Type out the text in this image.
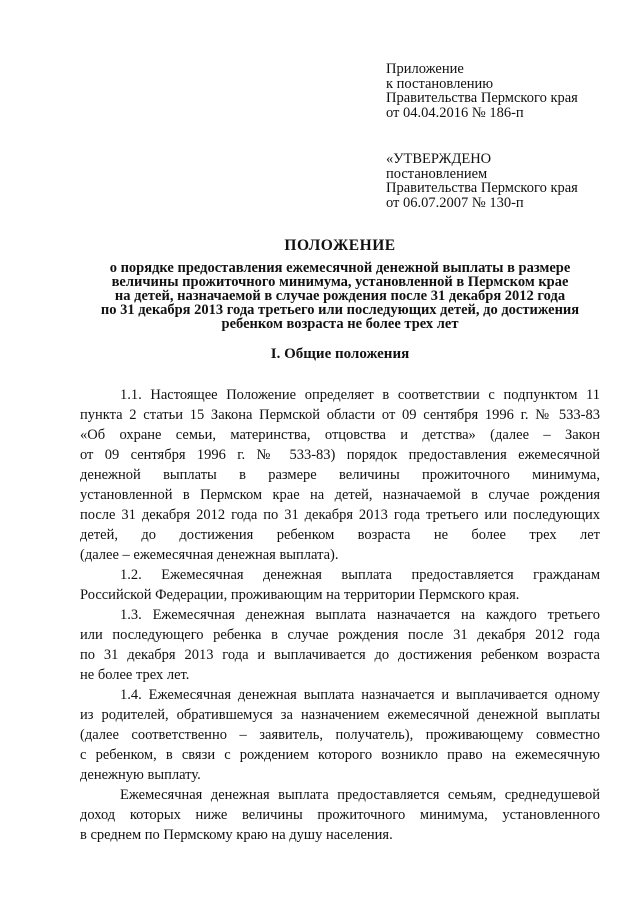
Приложение
к постановлению
Правительства Пермского края
от 04.04.2016 № 186-п
«УТВЕРЖДЕНО
постановлением
Правительства Пермского края
от 06.07.2007 № 130-п
ПОЛОЖЕНИЕ
о порядке предоставления ежемесячной денежной выплаты в размере
величины прожиточного минимума, установленной в Пермском крае
на детей, назначаемой в случае рождения после 31 декабря 2012 года
по 31 декабря 2013 года третьего или последующих детей, до достижения
ребенком возраста не более трех лет
I. Общие положения
1.1. Настоящее Положение определяет в соответствии с подпунктом 11
пункта 2 статьи 15 Закона Пермской области от 09 сентября 1996 г. № 533-83
«Об охране семьи, материнства, отцовства и детства» (далее – Закон
от 09 сентября 1996 г. № 533-83) порядок предоставления ежемесячной
денежной выплаты в размере величины прожиточного минимума,
установленной в Пермском крае на детей, назначаемой в случае рождения
после 31 декабря 2012 года по 31 декабря 2013 года третьего или последующих
детей, до достижения ребенком возраста не более трех лет
(далее – ежемесячная денежная выплата).
1.2. Ежемесячная денежная выплата предоставляется гражданам
Российской Федерации, проживающим на территории Пермского края.
1.3. Ежемесячная денежная выплата назначается на каждого третьего
или последующего ребенка в случае рождения после 31 декабря 2012 года
по 31 декабря 2013 года и выплачивается до достижения ребенком возраста
не более трех лет.
1.4. Ежемесячная денежная выплата назначается и выплачивается одному
из родителей, обратившемуся за назначением ежемесячной денежной выплаты
(далее соответственно – заявитель, получатель), проживающему совместно
с ребенком, в связи с рождением которого возникло право на ежемесячную
денежную выплату.
Ежемесячная денежная выплата предоставляется семьям, среднедушевой
доход которых ниже величины прожиточного минимума, установленного
в среднем по Пермскому краю на душу населения.
